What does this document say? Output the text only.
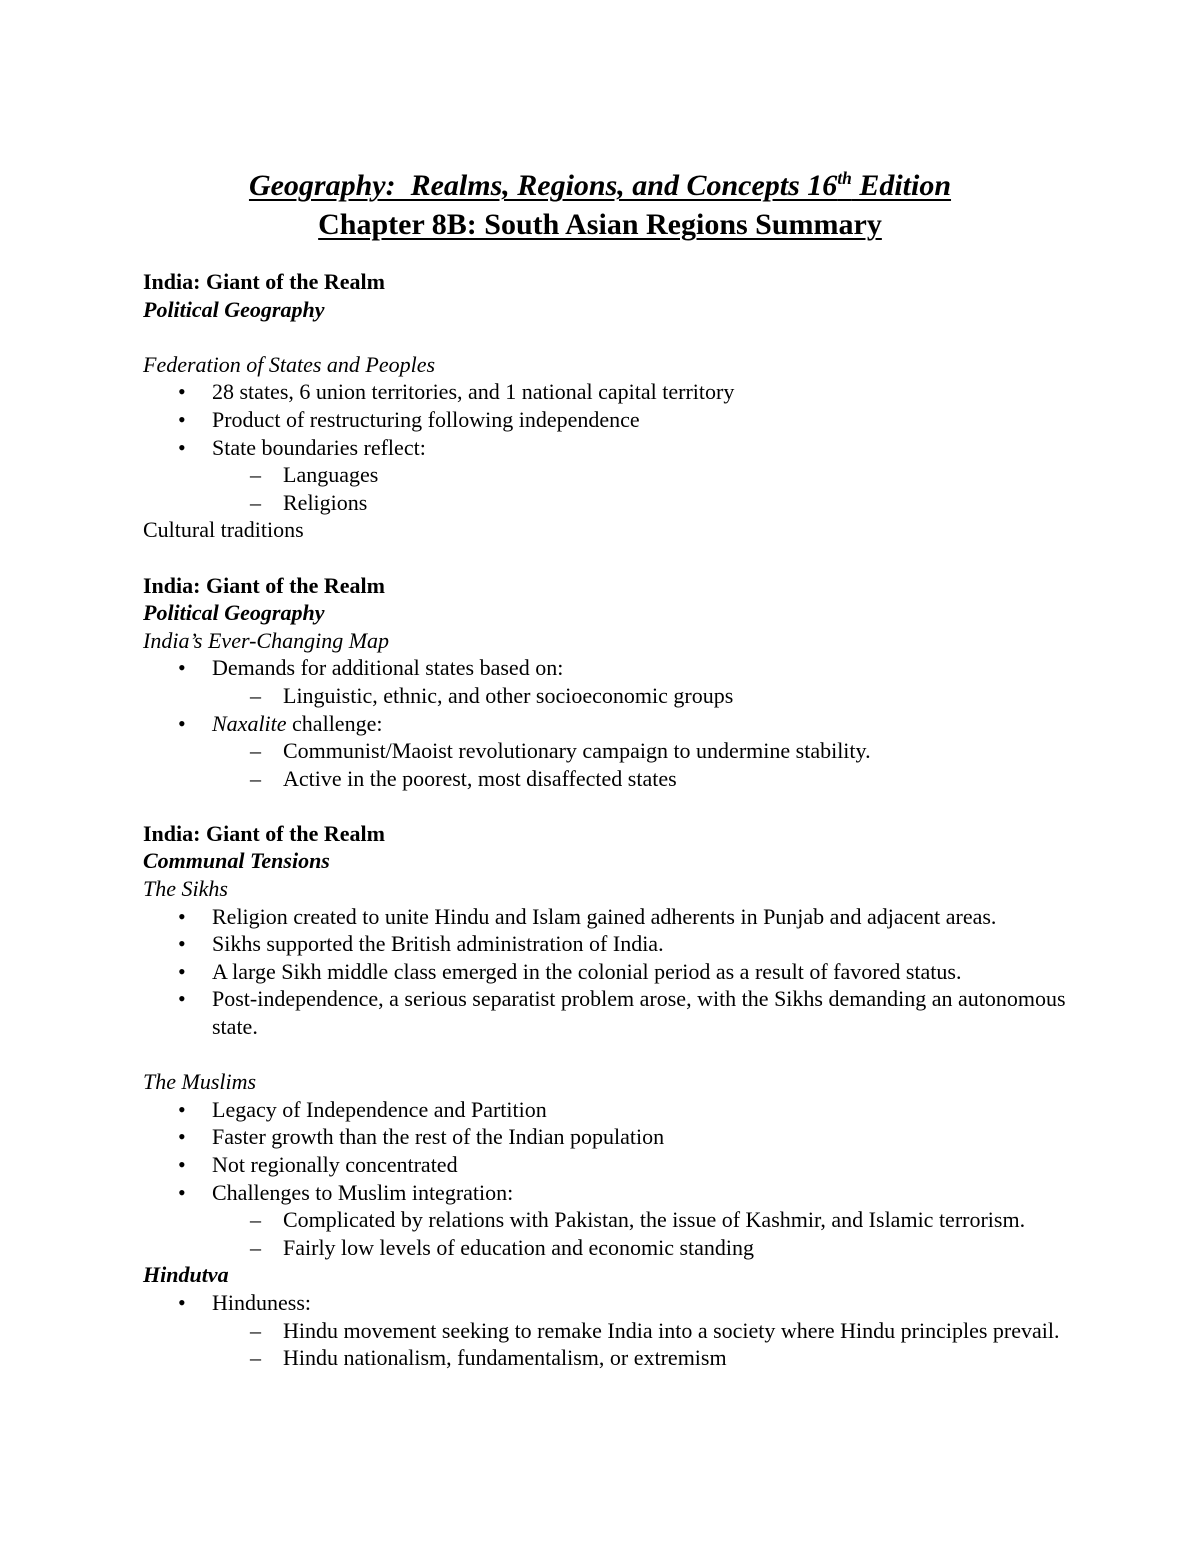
Geography:  Realms, Regions, and Concepts 16th Edition
Chapter 8B: South Asian Regions Summary
India: Giant of the Realm
Political Geography
Federation of States and Peoples
• 28 states, 6 union territories, and 1 national capital territory
• Product of restructuring following independence
• State boundaries reflect:
– Languages
– Religions
Cultural traditions
India: Giant of the Realm
Political Geography
India’s Ever-Changing Map
• Demands for additional states based on:
– Linguistic, ethnic, and other socioeconomic groups
• Naxalite challenge:
– Communist/Maoist revolutionary campaign to undermine stability.
– Active in the poorest, most disaffected states
India: Giant of the Realm
Communal Tensions
The Sikhs
• Religion created to unite Hindu and Islam gained adherents in Punjab and adjacent areas.
• Sikhs supported the British administration of India.
• A large Sikh middle class emerged in the colonial period as a result of favored status.
• Post-independence, a serious separatist problem arose, with the Sikhs demanding an autonomous state.
The Muslims
• Legacy of Independence and Partition
• Faster growth than the rest of the Indian population
• Not regionally concentrated
• Challenges to Muslim integration:
– Complicated by relations with Pakistan, the issue of Kashmir, and Islamic terrorism.
– Fairly low levels of education and economic standing
Hindutva
• Hinduness:
– Hindu movement seeking to remake India into a society where Hindu principles prevail.
– Hindu nationalism, fundamentalism, or extremism
